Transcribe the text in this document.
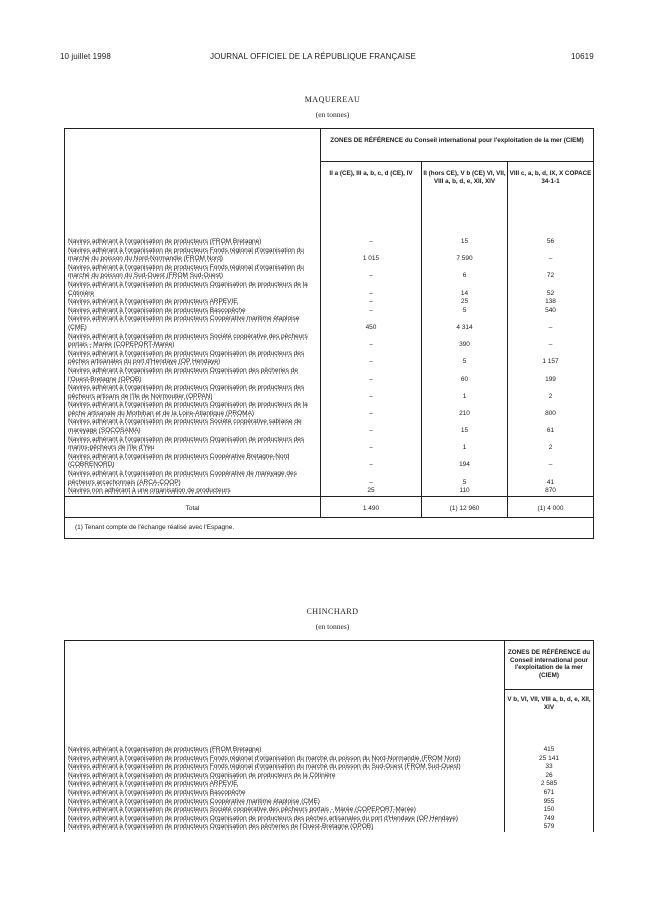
10 juillet 1998	JOURNAL OFFICIEL DE LA RÉPUBLIQUE FRANÇAISE	10619
MAQUEREAU
(en tonnes)
	ZONES DE RÉFÉRENCE du Conseil international pour l'exploitation de la mer (CIEM)		
	II a (CE), III a, b, c, d (CE), IV	II (hors CE), V b (CE) VI, VII, VIII a, b, d, e, XII, XIV	VIII c, a, b, d, IX, X COPACE 34-1-1
Navires adhérant à l'organisation de producteurs (FROM Bretagne)	–	15	56
Navires adhérant à l'organisation de producteurs Fonds régional d'organisation du marché du poisson du Nord-Normandie (FROM Nord)	1 015	7 590	–
Navires adhérant à l'organisation de producteurs Fonds régional d'organisation du marché du poisson du Sud-Ouest (FROM Sud-Ouest)	–	6	72
Navires adhérant à l'organisation de producteurs Organisation de producteurs de la Côtinière	–	14	52
Navires adhérant à l'organisation de producteurs ARPEVIE	–	25	138
Navires adhérant à l'organisation de producteurs Bascopêche	–	5	540
Navires adhérant à l'organisation de producteurs Coopérative maritime étaploise (CME)	450	4 314	–
Navires adhérant à l'organisation de producteurs Société coopérative des pêcheurs portais - Marée (COPEPORT-Marée)	–	390	–
Navires adhérant à l'organisation de producteurs Organisation de producteurs des pêches artisanales du port d'Hendaye (OP Hendaye)	–	5	1 157
Navires adhérant à l'organisation de producteurs Organisation des pêcheries de l'Ouest-Bretagne (OPOB)	–	60	199
Navires adhérant à l'organisation de producteurs Organisation de producteurs des pêcheurs artisans de l'île de Noirmoutier (OPPAN)	–	1	2
Navires adhérant à l'organisation de producteurs Organisation de producteurs de la pêche artisanale du Morbihan et de la Loire-Atlantique (PROMA)	–	210	800
Navires adhérant à l'organisation de producteurs Société coopérative sablaise de mareyage (SOCOSAMA)	–	15	61
Navires adhérant à l'organisation de producteurs Organisation de producteurs des marins-pêcheurs de l'île d'Yeu	–	1	2
Navires adhérant à l'organisation de producteurs Coopérative Bretagne-Nord (COBRENORD)	–	194	–
Navires adhérant à l'organisation de producteurs Coopérative de mareyage des pêcheurs arcachonnais (ARCA-COOP)	–	5	41
Navires non adhérant à une organisation de producteurs	25	110	870
Total	1 490	(1) 12 960	(1) 4 000
(1) Tenant compte de l'échange réalisé avec l'Espagne.			
CHINCHARD
(en tonnes)
	ZONES DE RÉFÉRENCE du Conseil international pour l'exploitation de la mer (CIEM)
	V b, VI, VII, VIII a, b, d, e, XII, XIV
Navires adhérant à l'organisation de producteurs (FROM Bretagne)	415
Navires adhérant à l'organisation de producteurs Fonds régional d'organisation du marché du poisson du Nord-Normandie (FROM Nord)	25 141
Navires adhérant à l'organisation de producteurs Fonds régional d'organisation du marché du poisson du Sud-Ouest (FROM Sud-Ouest)	33
Navires adhérant à l'organisation de producteurs Organisation de producteurs de la Côtinière	26
Navires adhérant à l'organisation de producteurs ARPEVIE	2 585
Navires adhérant à l'organisation de producteurs Bascopêche	671
Navires adhérant à l'organisation de producteurs Coopérative maritime étaploise (CME)	955
Navires adhérant à l'organisation de producteurs Société coopérative des pêcheurs portais - Marée (COPEPORT-Marée)	150
Navires adhérant à l'organisation de producteurs Organisation de producteurs des pêches artisanales du port d'Hendaye (OP Hendaye)	749
Navires adhérant à l'organisation de producteurs Organisation des pêcheries de l'Ouest-Bretagne (OPOB)	579
